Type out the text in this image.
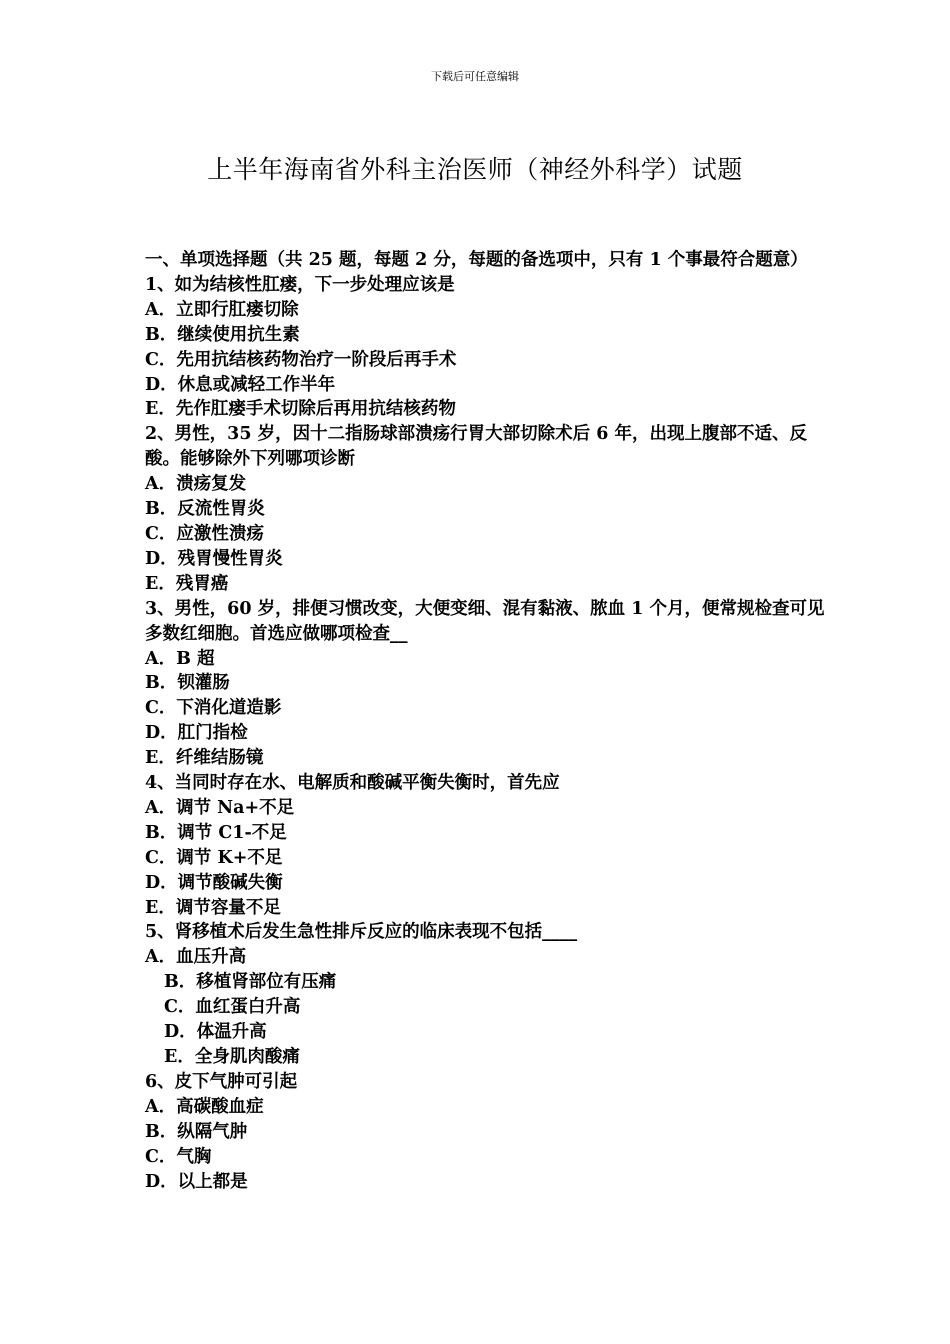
下载后可任意编辑
上半年海南省外科主治医师（神经外科学）试题
一、单项选择题（共 25 题，每题 2 分，每题的备选项中，只有 1 个事最符合题意）
1、如为结核性肛瘘，下一步处理应该是
A．立即行肛瘘切除
B．继续使用抗生素
C．先用抗结核药物治疗一阶段后再手术
D．休息或减轻工作半年
E．先作肛瘘手术切除后再用抗结核药物
2、男性，35 岁，因十二指肠球部溃疡行胃大部切除术后 6 年，出现上腹部不适、反酸。能够除外下列哪项诊断
A．溃疡复发
B．反流性胃炎
C．应激性溃疡
D．残胃慢性胃炎
E．残胃癌
3、男性，60 岁，排便习惯改变，大便变细、混有黏液、脓血 1 个月，便常规检查可见多数红细胞。首选应做哪项检查__
A．B 超
B．钡灌肠
C．下消化道造影
D．肛门指检
E．纤维结肠镜
4、当同时存在水、电解质和酸碱平衡失衡时，首先应
A．调节 Na+不足
B．调节 C1-不足
C．调节 K+不足
D．调节酸碱失衡
E．调节容量不足
5、肾移植术后发生急性排斥反应的临床表现不包括____
A．血压升高
B．移植肾部位有压痛
C．血红蛋白升高
D．体温升高
E．全身肌肉酸痛
6、皮下气肿可引起
A．高碳酸血症
B．纵隔气肿
C．气胸
D．以上都是
